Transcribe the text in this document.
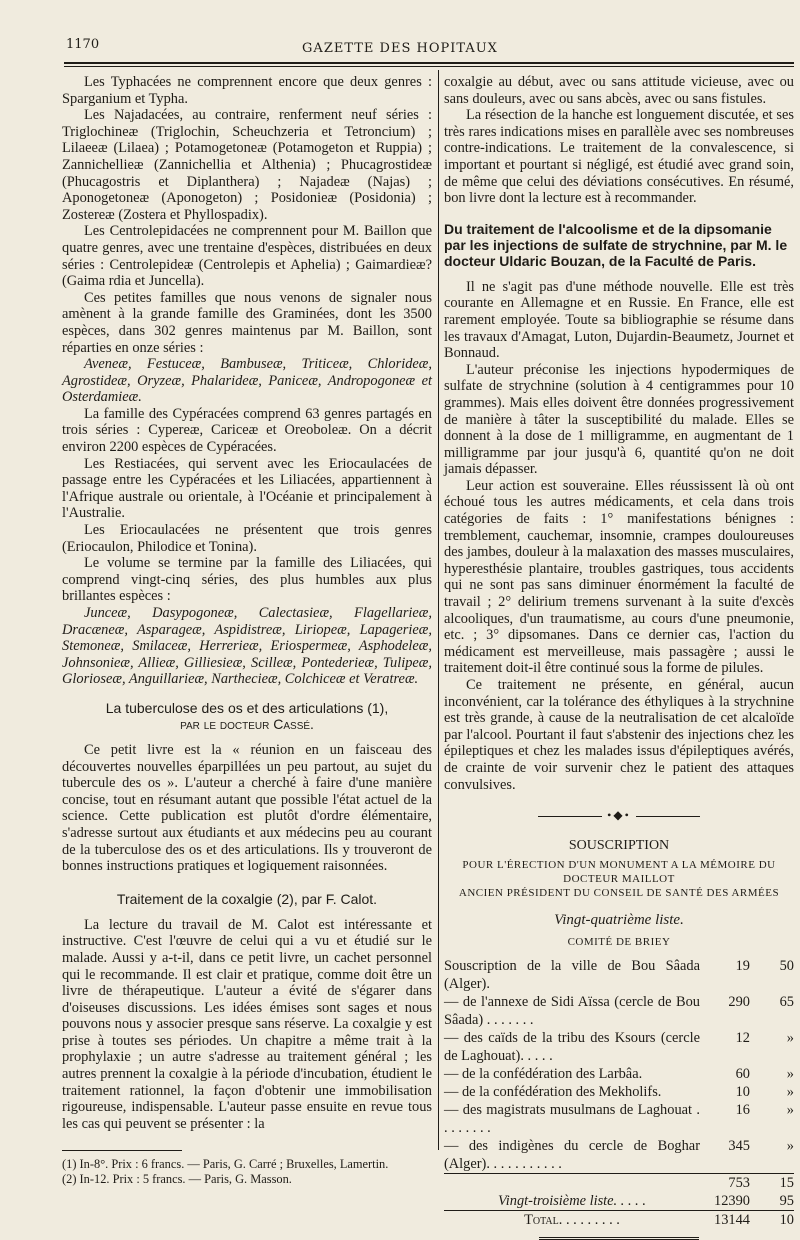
1170	GAZETTE DES HOPITAUX

Les Typhacées ne comprennent encore que deux genres : Sparganium et Typha.

Les Najadacées, au contraire, renferment neuf séries : Triglochineæ (Triglochin, Scheuchzeria et Tetroncium) ; Lilaeeæ (Lilaea) ; Potamogetoneæ (Potamogeton et Ruppia) ; Zannichellieæ (Zannichellia et Althenia) ; Phucagrostideæ (Phucagostris et Diplanthera) ; Najadeæ (Najas) ; Aponogetoneæ (Aponogeton) ; Posidonieæ (Posidonia) ; Zostereæ (Zostera et Phyllospadix).

Les Centrolepidacées ne comprennent pour M. Baillon que quatre genres, avec une trentaine d'espèces, distribuées en deux séries : Centrolepideæ (Centrolepis et Aphelia) ; Gaimardieæ? (Gaima rdia et Juncella).

Ces petites familles que nous venons de signaler nous amènent à la grande famille des Graminées, dont les 3500 espèces, dans 302 genres maintenus par M. Baillon, sont réparties en onze séries :

Aveneæ, Festuceæ, Bambuseæ, Triticeæ, Chlorideæ, Agrostideæ, Oryzeæ, Phalarideæ, Paniceæ, Andropogoneæ et Osterdamieæ.

La famille des Cypéracées comprend 63 genres partagés en trois séries : Cypereæ, Cariceæ et Oreoboleæ. On a décrit environ 2200 espèces de Cypéracées.

Les Restiacées, qui servent avec les Eriocaulacées de passage entre les Cypéracées et les Liliacées, appartiennent à l'Afrique australe ou orientale, à l'Océanie et principalement à l'Australie.

Les Eriocaulacées ne présentent que trois genres (Eriocaulon, Philodice et Tonina).

Le volume se termine par la famille des Liliacées, qui comprend vingt-cinq séries, des plus humbles aux plus brillantes espèces :

Junceæ, Dasypogoneæ, Calectasieæ, Flagellarieæ, Dracæneæ, Asparageæ, Aspidistreæ, Liriopeæ, Lapagerieæ, Stemoneæ, Smilaceæ, Herrerieæ, Eriospermeæ, Asphodeleæ, Johnsonieæ, Allieæ, Gilliesieæ, Scilleæ, Pontederieæ, Tulipeæ, Glorioseæ, Anguillarieæ, Nartheciеæ, Colchiceæ et Veratreæ.

La tuberculose des os et des articulations (1),
par le docteur Cassé.

Ce petit livre est la « réunion en un faisceau des découvertes nouvelles éparpillées un peu partout, au sujet du tubercule des os ». L'auteur a cherché à faire d'une manière concise, tout en résumant autant que possible l'état actuel de la science. Cette publication est plutôt d'ordre élémentaire, s'adresse surtout aux étudiants et aux médecins peu au courant de la tuberculose des os et des articulations. Ils y trouveront de bonnes instructions pratiques et logiquement raisonnées.

Traitement de la coxalgie (2), par F. Calot.

La lecture du travail de M. Calot est intéressante et instructive. C'est l'œuvre de celui qui a vu et étudié sur le malade. Aussi y a-t-il, dans ce petit livre, un cachet personnel qui le recommande. Il est clair et pratique, comme doit être un livre de thérapeutique. L'auteur a évité de s'égarer dans d'oiseuses discussions. Les idées émises sont sages et nous pouvons nous y associer presque sans réserve. La coxalgie y est prise à toutes ses périodes. Un chapitre a même trait à la prophylaxie ; un autre s'adresse au traitement général ; les autres prennent la coxalgie à la période d'incubation, étudient le traitement rationnel, la façon d'obtenir une immobilisation rigoureuse, indispensable. L'auteur passe ensuite en revue tous les cas qui peuvent se présenter : la

(1) In-8°. Prix : 6 francs. — Paris, G. Carré ; Bruxelles, Lamertin.

(2) In-12. Prix : 5 francs. — Paris, G. Masson.

coxalgie au début, avec ou sans attitude vicieuse, avec ou sans douleurs, avec ou sans abcès, avec ou sans fistules.

La résection de la hanche est longuement discutée, et ses très rares indications mises en parallèle avec ses nombreuses contre-indications. Le traitement de la convalescence, si important et pourtant si négligé, est étudié avec grand soin, de même que celui des déviations consécutives. En résumé, bon livre dont la lecture est à recommander.

Du traitement de l'alcoolisme et de la dipsomanie par les injections de sulfate de strychnine, par M. le docteur Uldaric Bouzan, de la Faculté de Paris.

Il ne s'agit pas d'une méthode nouvelle. Elle est très courante en Allemagne et en Russie. En France, elle est rarement employée. Toute sa bibliographie se résume dans les travaux d'Amagat, Luton, Dujardin-Beaumetz, Journet et Bonnaud.

L'auteur préconise les injections hypodermiques de sulfate de strychnine (solution à 4 centigrammes pour 10 grammes). Mais elles doivent être données progressivement de manière à tâter la susceptibilité du malade. Elles se donnent à la dose de 1 milligramme, en augmentant de 1 milligramme par jour jusqu'à 6, quantité qu'on ne doit jamais dépasser.

Leur action est souveraine. Elles réussissent là où ont échoué tous les autres médicaments, et cela dans trois catégories de faits : 1° manifestations bénignes : tremblement, cauchemar, insomnie, crampes douloureuses des jambes, douleur à la malaxation des masses musculaires, hyperesthésie plantaire, troubles gastriques, tous accidents qui ne sont pas sans diminuer énormément la faculté de travail ; 2° delirium tremens survenant à la suite d'excès alcooliques, d'un traumatisme, au cours d'une pneumonie, etc. ; 3° dipsomanes. Dans ce dernier cas, l'action du médicament est merveilleuse, mais passagère ; aussi le traitement doit-il être continué sous la forme de pilules.

Ce traitement ne présente, en général, aucun inconvénient, car la tolérance des éthyliques à la strychnine est très grande, à cause de la neutralisation de cet alcaloïde par l'alcool. Pourtant il faut s'abstenir des injections chez les épileptiques et chez les malades issus d'épileptiques avérés, de crainte de voir survenir chez le patient des attaques convulsives.

•◆•
SOUSCRIPTION
POUR L'ÉRECTION D'UN MONUMENT A LA MÉMOIRE DU DOCTEUR MAILLOT
ANCIEN PRÉSIDENT DU CONSEIL DE SANTÉ DES ARMÉES
Vingt-quatrième liste.
COMITÉ DE BRIEY
Souscription de la ville de Bou Sâada (Alger).	19	50
— de l'annexe de Sidi Aïssa (cercle de Bou Sâada) . . . . . . .	290	65
— des caïds de la tribu des Ksours (cercle de Laghouat). . . . .	12	»
— de la confédération des Larbâa.	60	»
— de la confédération des Mekholifs.	10	»
— des magistrats musulmans de Laghouat . . . . . . . .	16	»
— des indigènes du cercle de Boghar (Alger). . . . . . . . . . .	345	»
	753	15
Vingt-troisième liste. . . . .	12390	95
Total. . . . . . . . .	13144	10
